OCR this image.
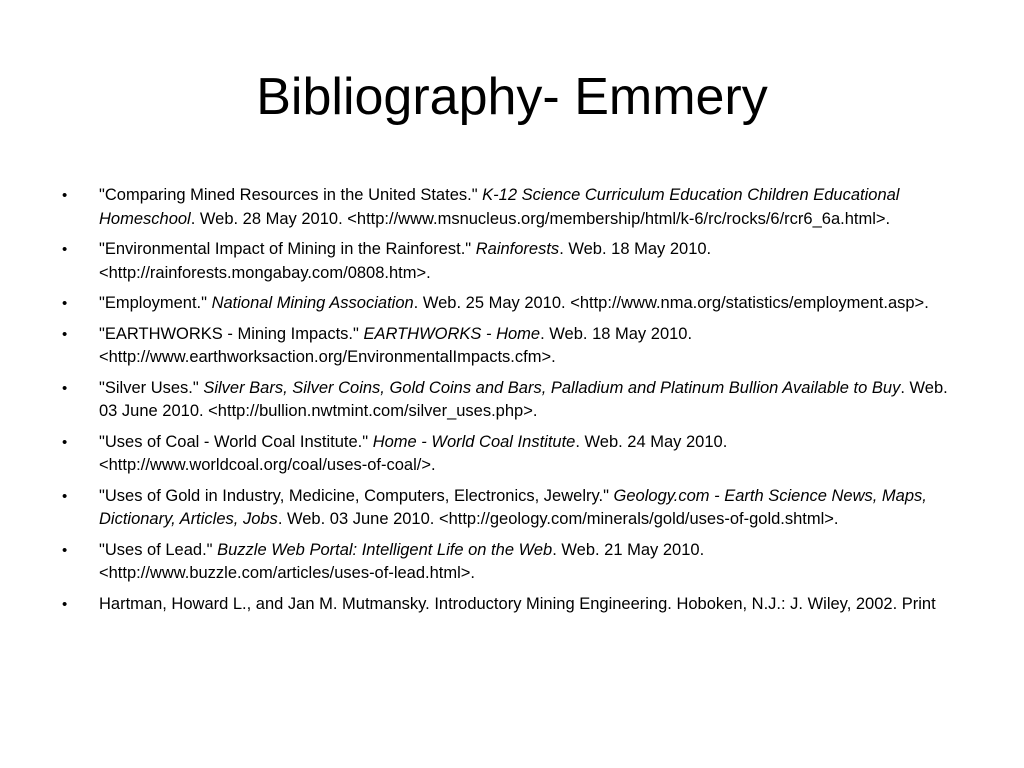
Bibliography- Emmery
•	"Comparing Mined Resources in the United States." K-12 Science Curriculum Education Children Educational Homeschool. Web. 28 May 2010. <http://www.msnucleus.org/membership/html/k-6/rc/rocks/6/rcr6_6a.html>.
•	"Environmental Impact of Mining in the Rainforest." Rainforests. Web. 18 May 2010. <http://rainforests.mongabay.com/0808.htm>.
•	"Employment." National Mining Association. Web. 25 May 2010. <http://www.nma.org/statistics/employment.asp>.
•	"EARTHWORKS - Mining Impacts." EARTHWORKS - Home. Web. 18 May 2010. <http://www.earthworksaction.org/EnvironmentalImpacts.cfm>.
•	"Silver Uses." Silver Bars, Silver Coins, Gold Coins and Bars, Palladium and Platinum Bullion Available to Buy. Web. 03 June 2010. <http://bullion.nwtmint.com/silver_uses.php>.
•	"Uses of Coal - World Coal Institute." Home - World Coal Institute. Web. 24 May 2010. <http://www.worldcoal.org/coal/uses-of-coal/>.
•	"Uses of Gold in Industry, Medicine, Computers, Electronics, Jewelry." Geology.com - Earth Science News, Maps, Dictionary, Articles, Jobs. Web. 03 June 2010. <http://geology.com/minerals/gold/uses-of-gold.shtml>.
•	"Uses of Lead." Buzzle Web Portal: Intelligent Life on the Web. Web. 21 May 2010. <http://www.buzzle.com/articles/uses-of-lead.html>.
•	Hartman, Howard L., and Jan M. Mutmansky. Introductory Mining Engineering. Hoboken, N.J.: J. Wiley, 2002. Print
